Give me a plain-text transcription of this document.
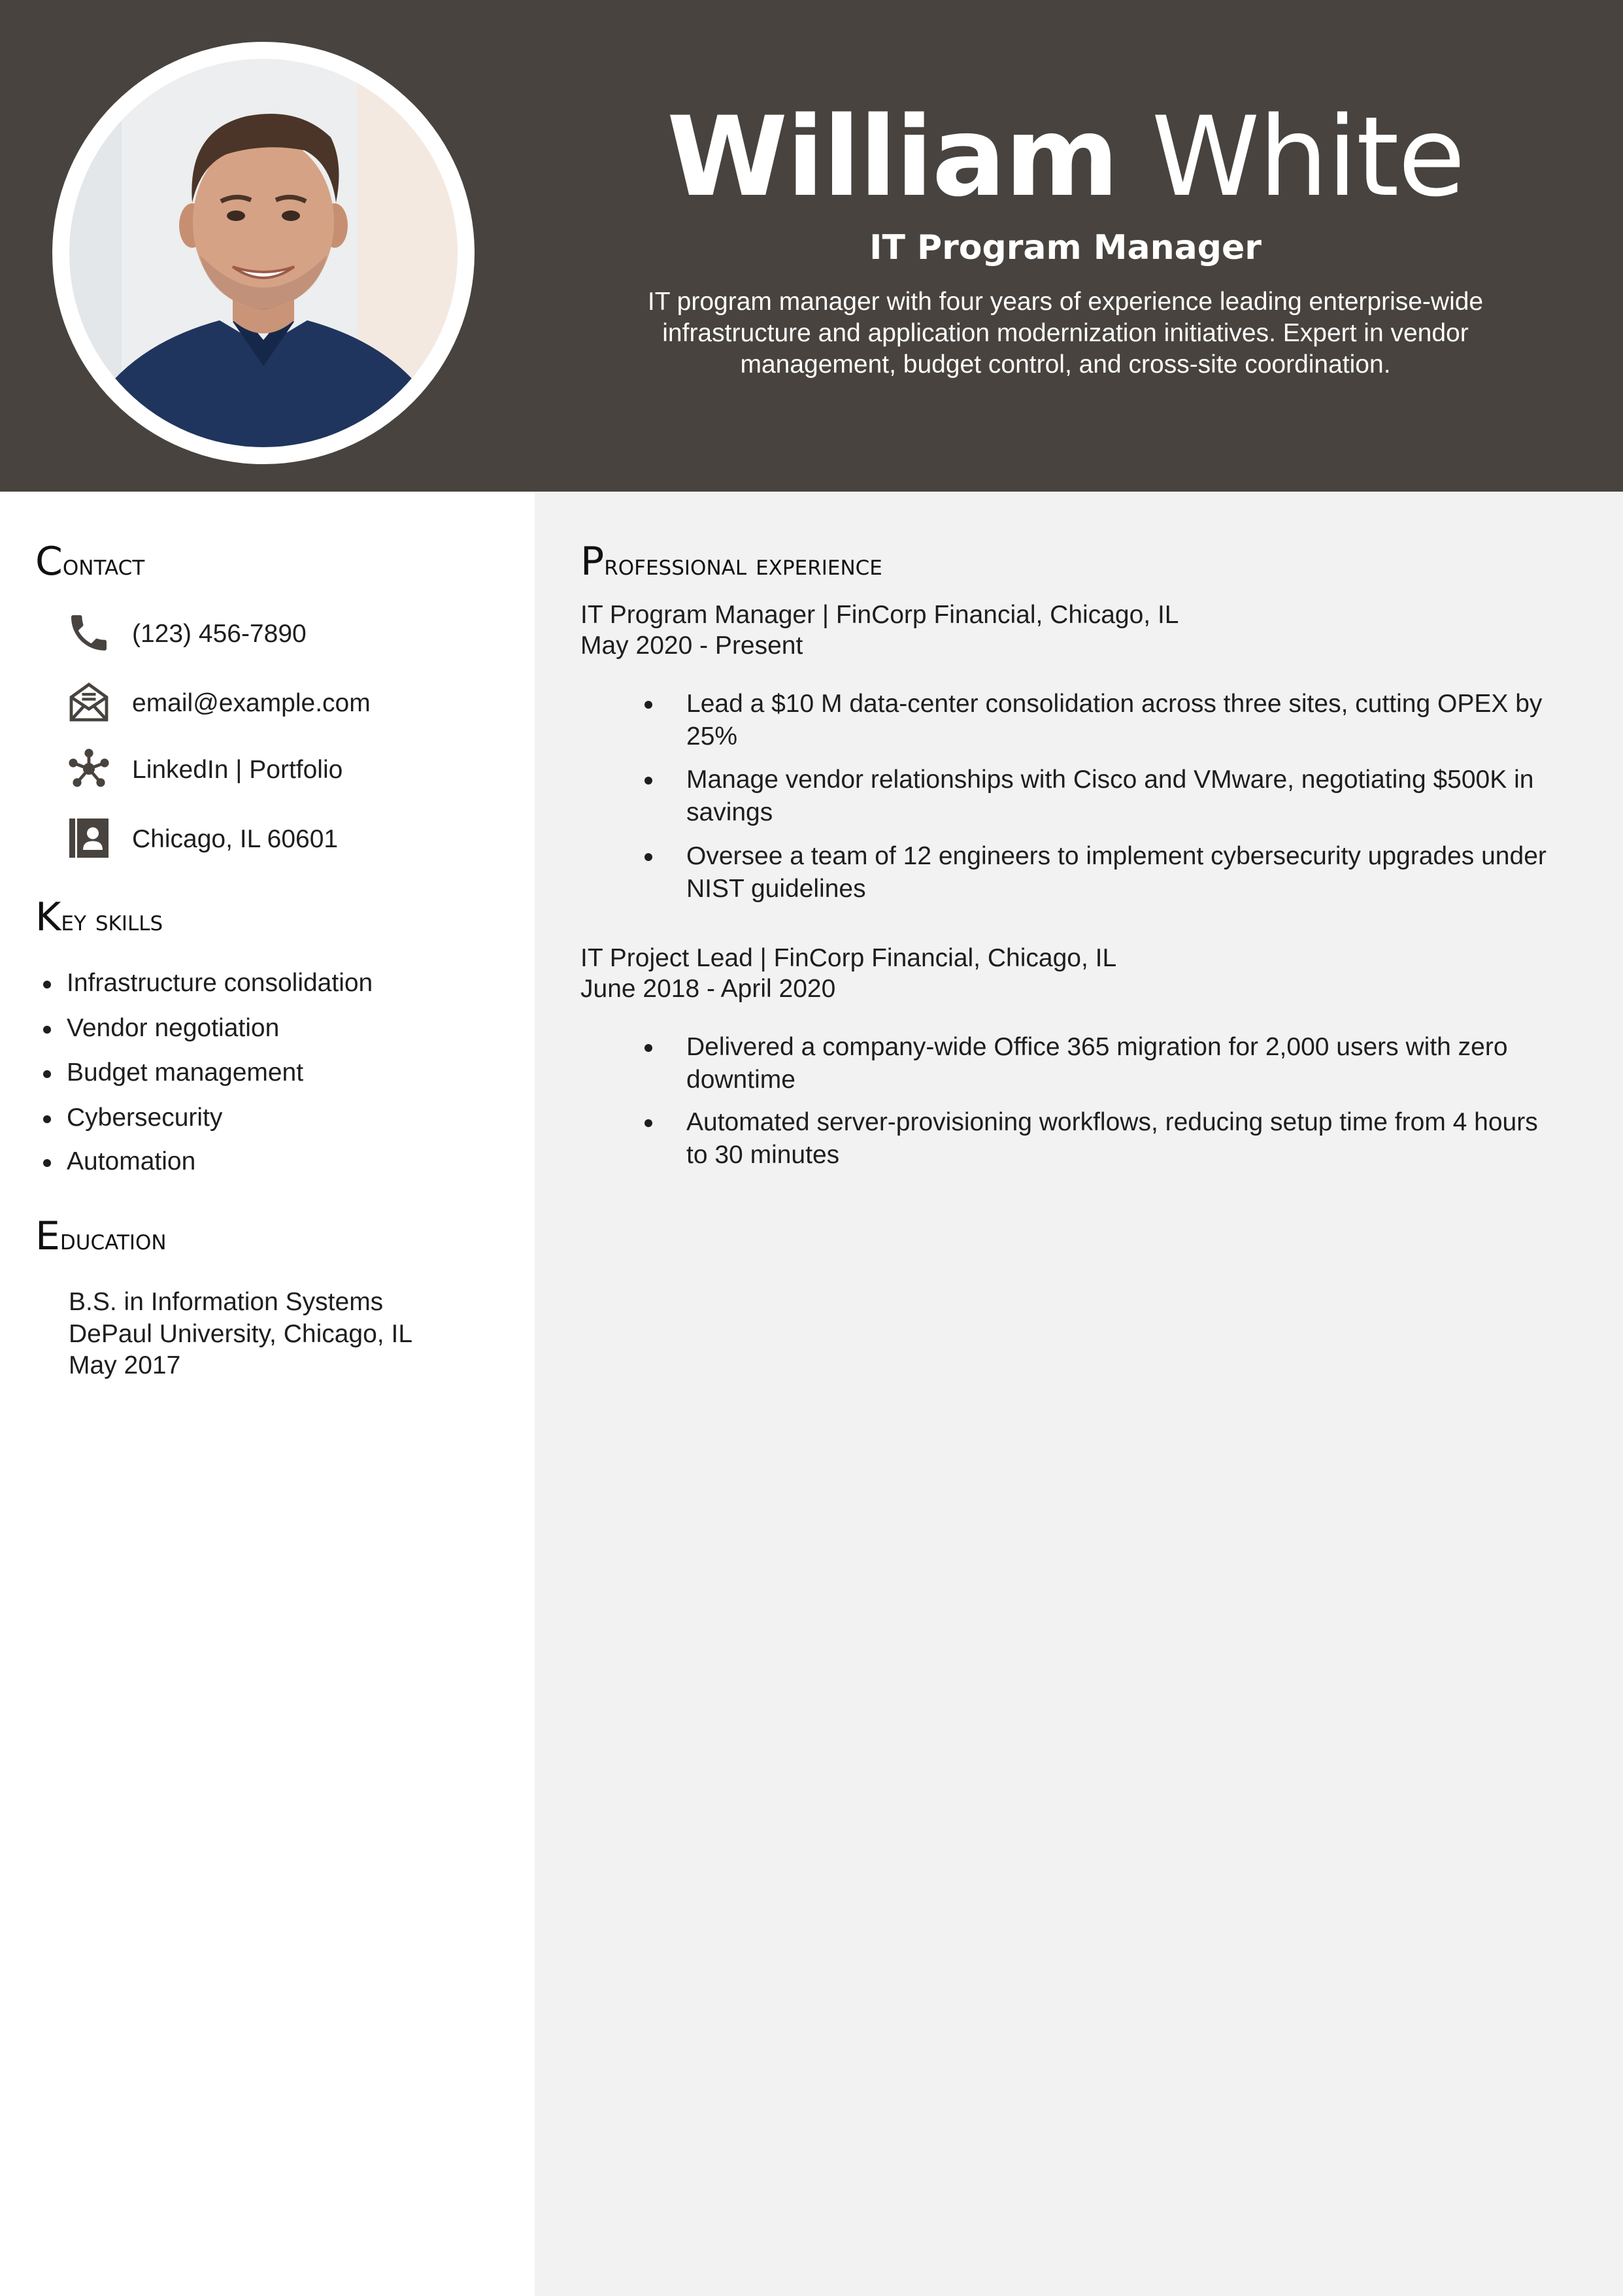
William White
IT Program Manager
IT program manager with four years of experience leading enterprise-wide infrastructure and application modernization initiatives. Expert in vendor management, budget control, and cross-site coordination.
Contact
(123) 456-7890
email@example.com
LinkedIn | Portfolio
Chicago, IL 60601
Key skills
Infrastructure consolidation
Vendor negotiation
Budget management
Cybersecurity
Automation
Education
B.S. in Information Systems
DePaul University, Chicago, IL
May 2017
Professional experience
IT Program Manager | FinCorp Financial, Chicago, IL
May 2020 - Present
Lead a $10 M data-center consolidation across three sites, cutting OPEX by 25%
Manage vendor relationships with Cisco and VMware, negotiating $500K in savings
Oversee a team of 12 engineers to implement cybersecurity upgrades under NIST guidelines
IT Project Lead | FinCorp Financial, Chicago, IL
June 2018 - April 2020
Delivered a company-wide Office 365 migration for 2,000 users with zero downtime
Automated server-provisioning workflows, reducing setup time from 4 hours to 30 minutes
